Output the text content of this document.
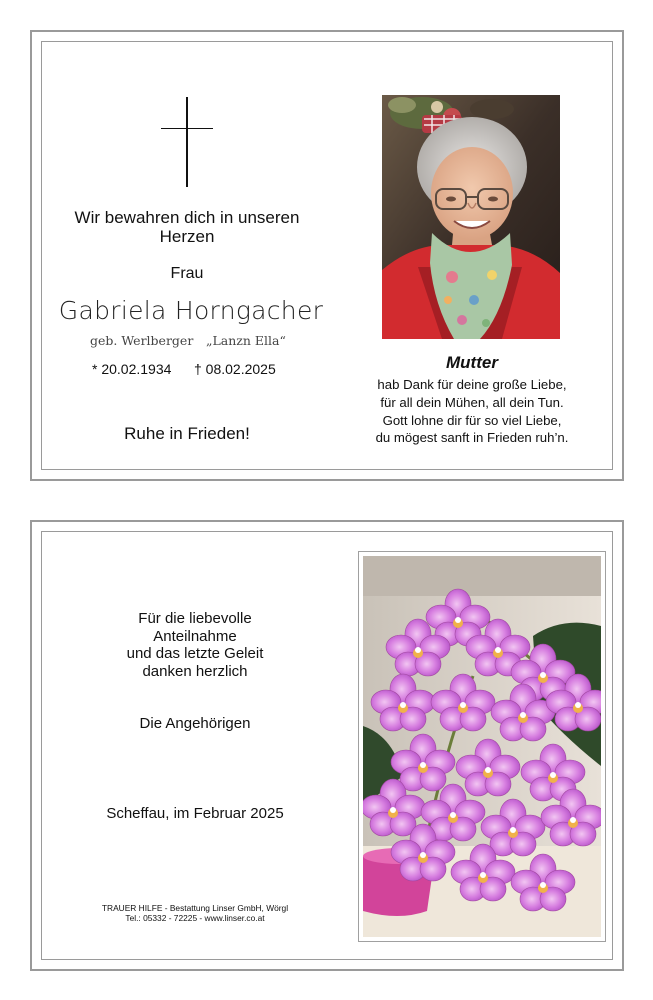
Wir bewahren dich in unseren Herzen
Frau
Gabriela Horngacher
geb. Werlberger „Lanzn Ella“
* 20.02.1934 † 08.02.2025
Ruhe in Frieden!
Mutter
hab Dank für deine große Liebe,
für all dein Mühen, all dein Tun.
Gott lohne dir für so viel Liebe,
du mögest sanft in Frieden ruh’n.
Für die liebevolle
Anteilnahme
und das letzte Geleit
danken herzlich
Die Angehörigen
Scheffau, im Februar 2025
TRAUER HILFE - Bestattung Linser GmbH, Wörgl
Tel.: 05332 - 72225 - www.linser.co.at
